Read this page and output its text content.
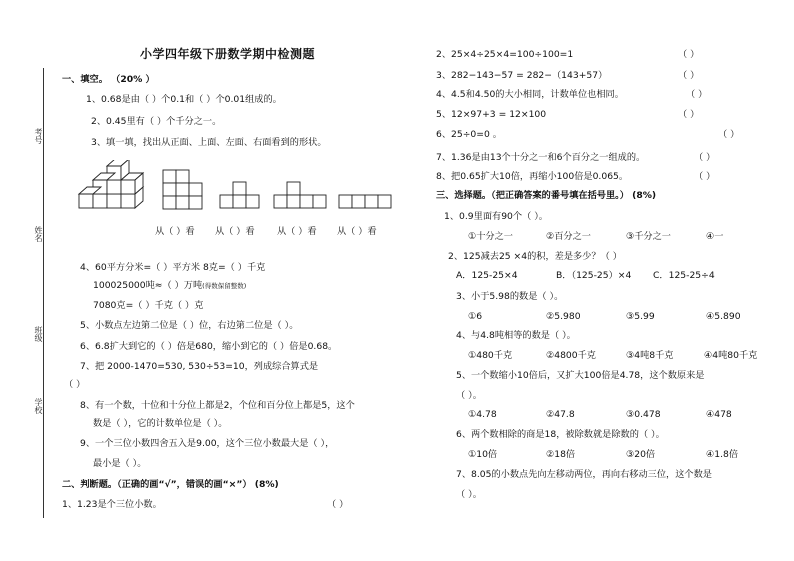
考号
姓名
班级
学校
小学四年级下册数学期中检测题
一、填空。 （20% ）
1、0.68是由（ ）个0.1和（ ）个0.01组成的。
2、0.45里有（ ）个千分之一。
3、填一填，找出从正面、上面、左面、右面看到的形状。
从（ ）看 从（ ）看 从（ ）看 从（ ）看
4、60平方分米=（ ）平方米 8克=（ ）千克
100025000吨≈（ ）万吨(得数保留整数)
7080克=（ ）千克（ ）克
5、小数点左边第二位是（ ）位，右边第二位是（ ）。
6、6.8扩大到它的（ ）倍是680，缩小到它的（ ）倍是0.68。
7、把 2000-1470=530, 530÷53=10，列成综合算式是
（ ）
8、有一个数，十位和十分位上都是2，个位和百分位上都是5，这个
数是（ ），它的计数单位是（ ）。
9、一个三位小数四舍五入是9.00，这个三位小数最大是（ ），
最小是（ ）。
二、判断题。（正确的画“√”，错误的画“×”） (8%)
1、1.23是个三位小数。	（ ）
2、25×4÷25×4=100÷100=1	（ ）
3、282−143−57 = 282−（143+57）	（ ）
4、4.5和4.50的大小相同，计数单位也相同。	（ ）
5、12×97+3 = 12×100	（ ）
6、25÷0=0 。	（ ）
7、1.36是由13个十分之一和6个百分之一组成的。	（ ）
8、把0.65扩大10倍，再缩小100倍是0.065。	（ ）
三、选择题。（把正确答案的番号填在括号里。） (8%)
1、0.9里面有90个（ ）。
①十分之一	②百分之一	③千分之一	④一
2、125减去25 ×4的积，差是多少？（ ）
A．125-25×4	B．（125-25）×4 C．125-25÷4
3、小于5.98的数是（ ）。
①6	②5.980	③5.99	④5.890
4、与4.8吨相等的数是（ ）。
①480千克	②4800千克	③4吨8千克	④4吨80千克
5、一个数缩小10倍后，又扩大100倍是4.78，这个数原来是
（ ）。
①4.78	②47.8	③0.478	④478
6、两个数相除的商是18，被除数就是除数的（ ）。
①10倍	②18倍	③20倍	④1.8倍
7、8.05的小数点先向左移动两位，再向右移动三位，这个数是
（ ）。
